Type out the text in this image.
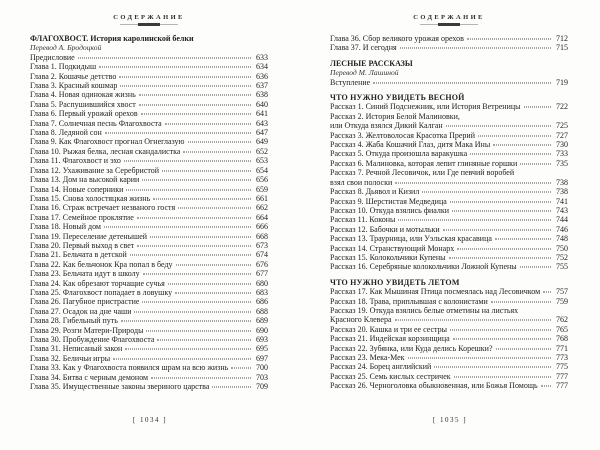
СОДЕРЖАНИЕ
ФЛАГОХВОСТ. История каролинской белки
Перевод А. Бродоцкой
Предисловие	633
Глава 1. Подкидыш	634
Глава 2. Кошачье детство	636
Глава 3. Красный кошмар	637
Глава 4. Новая одинокая жизнь	638
Глава 5. Распушившийся хвост	640
Глава 6. Первый урожай орехов	641
Глава 7. Солнечная песнь Флагохвоста	643
Глава 8. Ледяной сон	647
Глава 9. Как Флагохвост прогнал Огнеглазую	649
Глава 10. Рыжая белка, лесная скандалистка	652
Глава 11. Флагохвост и эхо	653
Глава 12. Ухаживание за Серебристой	654
Глава 13. Дом на высокой карии	656
Глава 14. Новые соперники	659
Глава 15. Снова холостяцкая жизнь	661
Глава 16. Страж встречает незваного гостя	662
Глава 17. Семейное проклятие	664
Глава 18. Новый дом	666
Глава 19. Переселение детенышей	668
Глава 20. Первый выход в свет	673
Глава 21. Бельчата в детской	674
Глава 22. Как бельчонок Кра попал в беду	676
Глава 23. Бельчата идут в школу	677
Глава 24. Как обрезают торчащие сучья	680
Глава 25. Флагохвост попадает в ловушку	683
Глава 26. Пагубное пристрастие	686
Глава 27. Осадок на дне чаши	688
Глава 28. Гибельный путь	689
Глава 29. Розги Матери-Природы	690
Глава 30. Пробуждение Флагохвоста	693
Глава 31. Неписаный закон	695
Глава 32. Беличьи игры	697
Глава 33. Как у Флагохвоста появился шрам на всю жизнь	700
Глава 34. Битва с черным демоном	703
Глава 35. Имущественные законы звериного царства	709
[ 1034 ]
СОДЕРЖАНИЕ
Глава 36. Сбор великого урожая орехов	712
Глава 37. И сегодня	715
ЛЕСНЫЕ РАССКАЗЫ
Перевод М. Лашиной
Вступление	719
ЧТО НУЖНО УВИДЕТЬ ВЕСНОЙ
Рассказ 1. Синий Подснежник, или История Ветреницы	722
Рассказ 2. История Белой Малиновки,
или Откуда взялся Дикий Калган	725
Рассказ 3. Желтоволосая Красотка Прерий	727
Рассказ 4. Жаба Кошачий Глаз, дитя Мака Ины	730
Рассказ 5. Откуда произошла варакушка	733
Рассказ 6. Малиновка, которая лепит глиняные горшки	735
Рассказ 7. Речной Лесовичок, или Где певчий воробей
взял свои полоски	738
Рассказ 8. Дьявол и Кизил	738
Рассказ 9. Шерстистая Медведица	741
Рассказ 10. Откуда взялись фиалки	743
Рассказ 11. Коконы	744
Рассказ 12. Бабочки и мотыльки	746
Рассказ 13. Траурница, или Уэльская красавица	748
Рассказ 14. Странствующий Монарх	750
Рассказ 15. Колокольчики Купены	752
Рассказ 16. Серебряные колокольчики Ложной Купены	755
ЧТО НУЖНО УВИДЕТЬ ЛЕТОМ
Рассказ 17. Как Мышиная Птица посмеялась над Лесовичком 757
Рассказ 18. Трава, приплывшая с колонистами	759
Рассказ 19. Откуда взялись белые отметины на листьях
Красного Клевера	762
Рассказ 20. Кашка и три ее сестры	765
Рассказ 21. Индейская корзинщица	768
Рассказ 22. Зубянка, или Куда делись Корешки?	771
Рассказ 23. Мека-Мек	773
Рассказ 24. Борец английский	775
Рассказ 25. Семь кислых сестричек	777
Рассказ 26. Черноголовка обыкновенная, или Божья Помощь 777
[ 1035 ]
